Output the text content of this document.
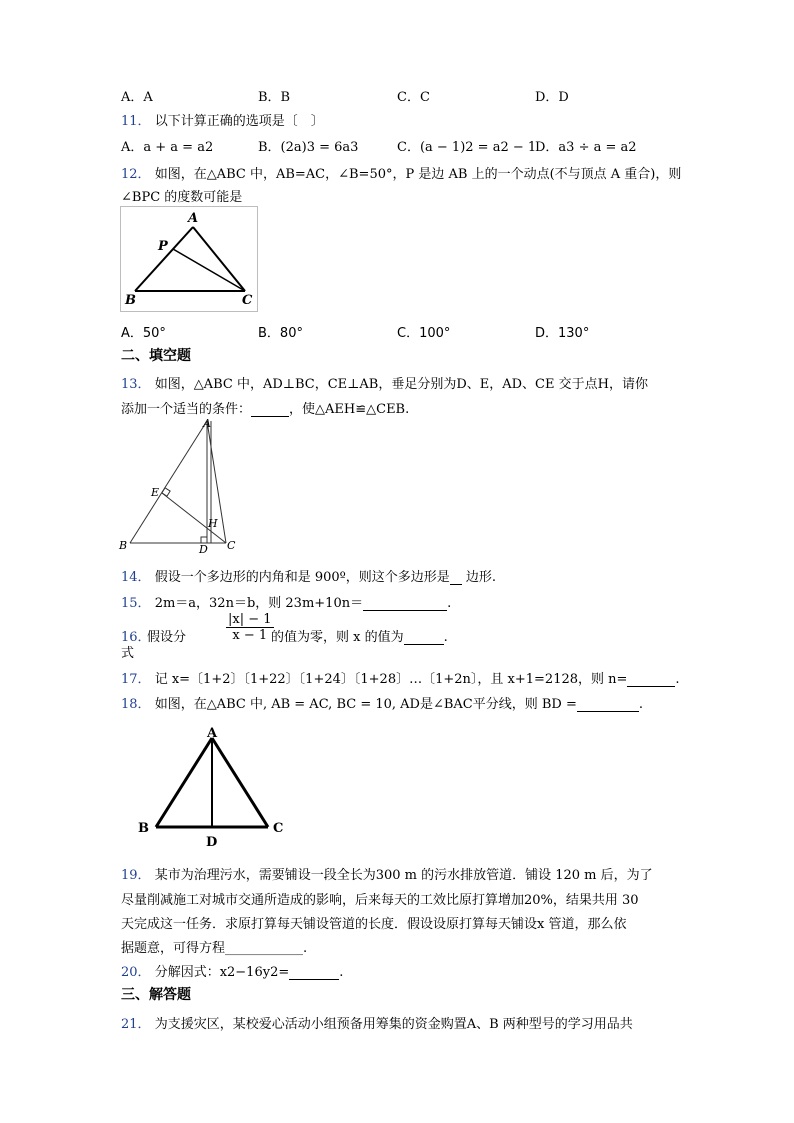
A．A	B．B	C．C	D．D
11． 以下计算正确的选项是〔　〕
A．a + a = a2	B．(2a)3 = 6a3	C．(a − 1)2 = a2 − 1
D．a3 ÷ a = a2
12． 如图，在△ABC 中，AB=AC，∠B=50°，P 是边 AB 上的一个动点(不与顶点 A 重合)，则
∠BPC 的度数可能是
A
P
B	C
A．50°	B．80°	C．100°	D．130°
二、填空题
13． 如图，△ABC 中，AD⊥BC，CE⊥AB，垂足分别为D、E，AD、CE 交于点H，请你
添加一个适当的条件：	，使△AEH≌△CEB.
A
E
H
B	D C
14． 假设一个多边形的内角和是 900º，则这个多边形是 边形.
15． 2m＝a，32n＝b，则 23m+10n＝	.
16．
假设分	$\frac{|x| - 1}{x - 1}$
的值为零，则 x 的值为	.
式
17． 记 x=〔1+2〕〔1+22〕〔1+24〕〔1+28〕…〔1+2n〕，且 x+1=2128，则 n=	.
18． 如图，在△ABC 中, AB = AC, BC = 10, AD是∠BAC平分线，则 BD =	.
A
B
D
C
19． 某市为治理污水，需要铺设一段全长为300 m 的污水排放管道．铺设 120 m 后，为了
尽量削减施工对城市交通所造成的影响，后来每天的工效比原打算增加20%，结果共用 30
天完成这一任务．求原打算每天铺设管道的长度．假设设原打算每天铺设x 管道，那么依
据题意，可得方程____________.
20． 分解因式：x2−16y2=	.
三、解答题
21． 为支援灾区，某校爱心活动小组预备用筹集的资金购置A、B 两种型号的学习用品共
